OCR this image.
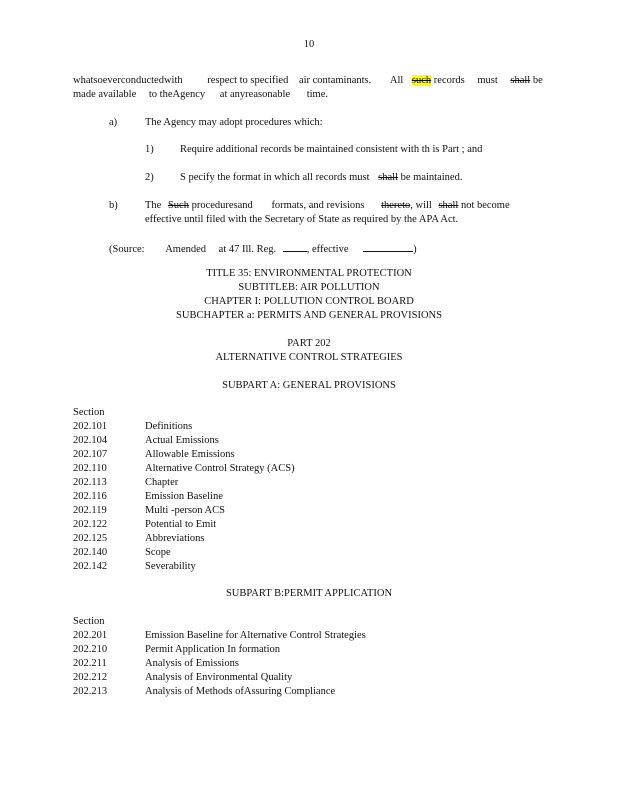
10
whatsoeverconductedwith respect to specified air contaminants. All such records must shall be
made available to theAgency at anyreasonable time.
a)	The Agency may adopt procedures which:
1)	Require additional records be maintained consistent with th is Part ; and
2)	S pecify the format in which all records must shall be maintained.
b)	The Such proceduresand formats, and revisions thereto, will shall not become
effective until filed with the Secretary of State as required by the APA Act.
(Source: Amended at 47 Ill. Reg.	, effective	)
TITLE 35: ENVIRONMENTAL PROTECTION
SUBTITLEB: AIR POLLUTION
CHAPTER I: POLLUTION CONTROL BOARD
SUBCHAPTER a: PERMITS AND GENERAL PROVISIONS
PART 202
ALTERNATIVE CONTROL STRATEGIES
SUBPART A: GENERAL PROVISIONS
Section
202.101	Definitions
202.104	Actual Emissions
202.107	Allowable Emissions
202.110	Alternative Control Strategy (ACS)
202.113	Chapter
202.116	Emission Baseline
202.119	Multi -person ACS
202.122	Potential to Emit
202.125	Abbreviations
202.140	Scope
202.142	Severability
SUBPART B:PERMIT APPLICATION
Section
202.201	Emission Baseline for Alternative Control Strategies
202.210	Permit Application In formation
202.211	Analysis of Emissions
202.212	Analysis of Environmental Quality
202.213	Analysis of Methods ofAssuring Compliance
